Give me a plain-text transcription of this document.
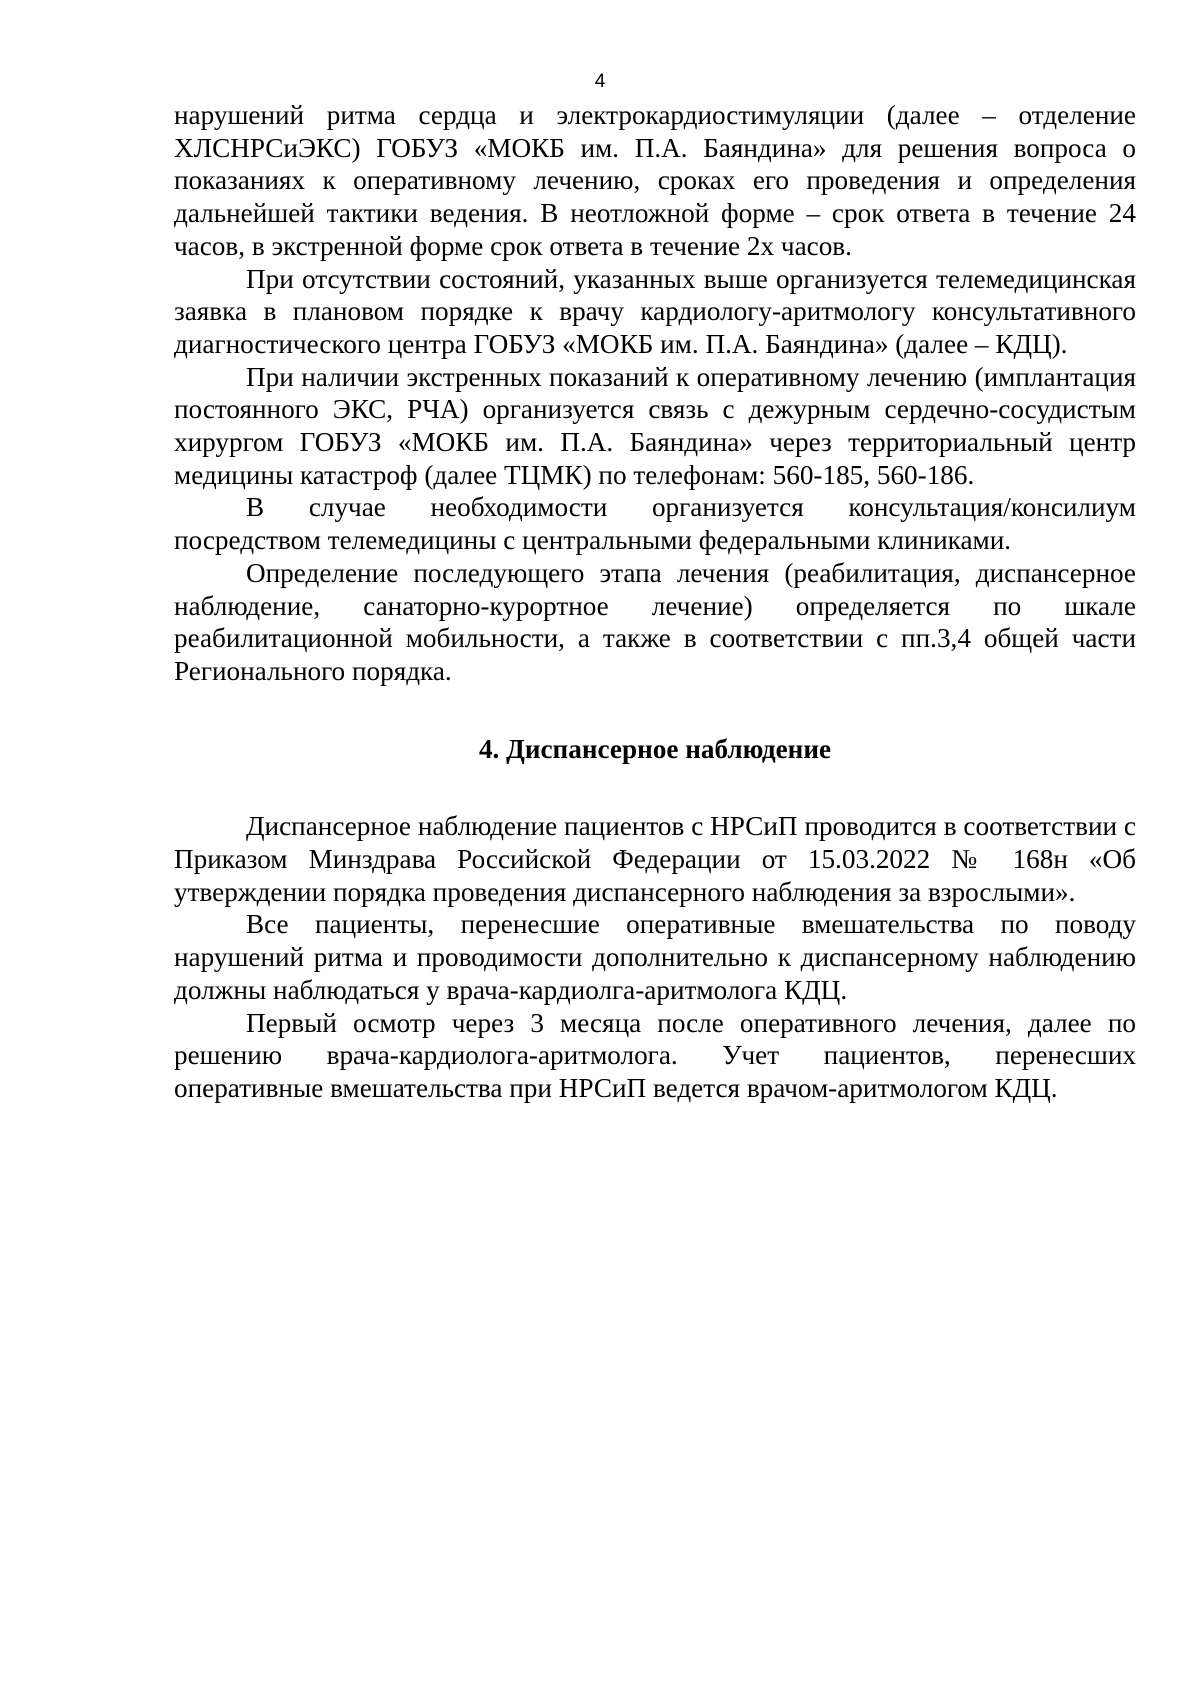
4

нарушений ритма сердца и электрокардиостимуляции (далее – отделение ХЛСНРСиЭКС) ГОБУЗ «МОКБ им. П.А. Баяндина» для решения вопроса о показаниях к оперативному лечению, сроках его проведения и определения дальнейшей тактики ведения. В неотложной форме – срок ответа в течение 24 часов, в экстренной форме срок ответа в течение 2х часов.

При отсутствии состояний, указанных выше организуется телемедицинская заявка в плановом порядке к врачу кардиологу-аритмологу консультативного диагностического центра ГОБУЗ «МОКБ им. П.А. Баяндина» (далее – КДЦ).

При наличии экстренных показаний к оперативному лечению (имплантация постоянного ЭКС, РЧА) организуется связь с дежурным сердечно-сосудистым хирургом ГОБУЗ «МОКБ им. П.А. Баяндина» через территориальный центр медицины катастроф (далее ТЦМК) по телефонам: 560-185, 560-186.

В случае необходимости организуется консультация/консилиум посредством телемедицины с центральными федеральными клиниками.

Определение последующего этапа лечения (реабилитация, диспансерное наблюдение, санаторно-курортное лечение) определяется по шкале реабилитационной мобильности, а также в соответствии с пп.3,4 общей части Регионального порядка.

4. Диспансерное наблюдение

Диспансерное наблюдение пациентов с НРСиП проводится в соответствии с Приказом Минздрава Российской Федерации от 15.03.2022 № 168н «Об утверждении порядка проведения диспансерного наблюдения за взрослыми».

Все пациенты, перенесшие оперативные вмешательства по поводу нарушений ритма и проводимости дополнительно к диспансерному наблюдению должны наблюдаться у врача-кардиолга-аритмолога КДЦ.

Первый осмотр через 3 месяца после оперативного лечения, далее по решению врача-кардиолога-аритмолога. Учет пациентов, перенесших оперативные вмешательства при НРСиП ведется врачом-аритмологом КДЦ.
